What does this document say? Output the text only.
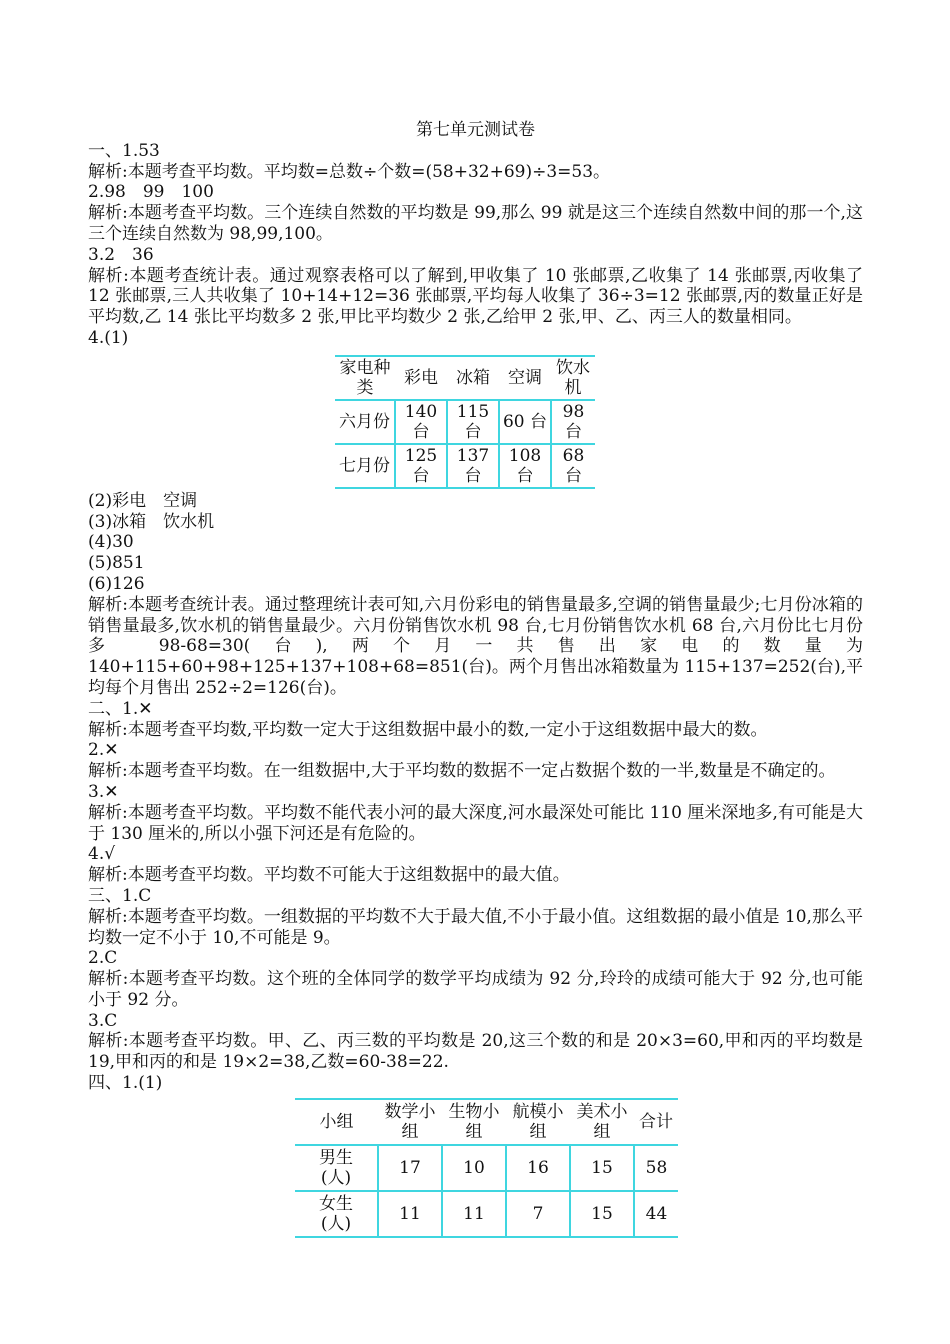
第七单元测试卷

一、1.53

解析:本题考查平均数。平均数=总数÷个数=(58+32+69)÷3=53。

2.98　99　100

解析:本题考查平均数。三个连续自然数的平均数是 99,那么 99 就是这三个连续自然数中间的那一个,这三个连续自然数为 98,99,100。

3.2　36

解析:本题考查统计表。通过观察表格可以了解到,甲收集了 10 张邮票,乙收集了 14 张邮票,丙收集了 12 张邮票,三人共收集了 10+14+12=36 张邮票,平均每人收集了 36÷3=12 张邮票,丙的数量正好是平均数,乙 14 张比平均数多 2 张,甲比平均数少 2 张,乙给甲 2 张,甲、乙、丙三人的数量相同。

4.(1)

家电种类	彩电	冰箱	空调	饮水机
六月份	140 台	115 台	60 台	98 台
七月份	125 台	137 台	108 台	68 台

(2)彩电　空调

(3)冰箱　饮水机

(4)30

(5)851

(6)126

解析:本题考查统计表。通过整理统计表可知,六月份彩电的销售量最多,空调的销售量最少;七月份冰箱的销售量最多,饮水机的销售量最少。六月份销售饮水机 98 台,七月份销售饮水机 68 台,六月份比七月份多 98-68=30(台),两个月一共售出家电的数量为 140+115+60+98+125+137+108+68=851(台)。两个月售出冰箱数量为 115+137=252(台),平均每个月售出 252÷2=126(台)。

二、1.✕

解析:本题考查平均数,平均数一定大于这组数据中最小的数,一定小于这组数据中最大的数。

2.✕

解析:本题考查平均数。在一组数据中,大于平均数的数据不一定占数据个数的一半,数量是不确定的。

3.✕

解析:本题考查平均数。平均数不能代表小河的最大深度,河水最深处可能比 110 厘米深地多,有可能是大于 130 厘米的,所以小强下河还是有危险的。

4.√

解析:本题考查平均数。平均数不可能大于这组数据中的最大值。

三、1.C

解析:本题考查平均数。一组数据的平均数不大于最大值,不小于最小值。这组数据的最小值是 10,那么平均数一定不小于 10,不可能是 9。

2.C

解析:本题考查平均数。这个班的全体同学的数学平均成绩为 92 分,玲玲的成绩可能大于 92 分,也可能小于 92 分。

3.C

解析:本题考查平均数。甲、乙、丙三数的平均数是 20,这三个数的和是 20×3=60,甲和丙的平均数是 19,甲和丙的和是 19×2=38,乙数=60-38=22.

四、1.(1)

小组	数学小组	生物小组	航模小组	美术小组	合计
男生(人)	17	10	16	15	58
女生(人)	11	11	7	15	44
